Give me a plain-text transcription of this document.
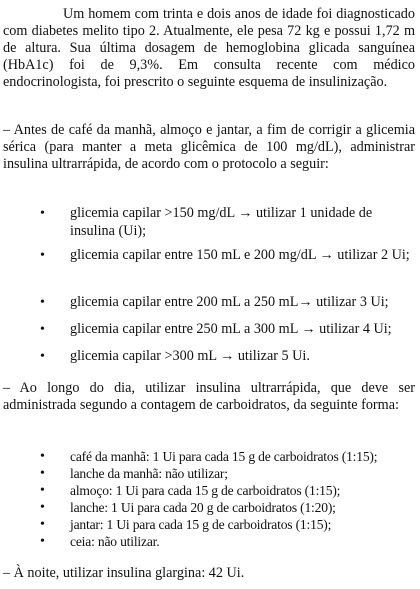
Um homem com trinta e dois anos de idade foi diagnosticado com diabetes melito tipo 2. Atualmente, ele pesa 72 kg e possui 1,72 m de altura. Sua última dosagem de hemoglobina glicada sanguínea (HbA1c) foi de 9,3%. Em consulta recente com médico endocrinologista, foi prescrito o seguinte esquema de insulinização.

– Antes de café da manhã, almoço e jantar, a fim de corrigir a glicemia sérica (para manter a meta glicêmica de 100 mg/dL), administrar insulina ultrarrápida, de acordo com o protocolo a seguir:

• glicemia capilar >150 mg/dL → utilizar 1 unidade de insulina (Ui);
• glicemia capilar entre 150 mL e 200 mg/dL → utilizar 2 Ui;
• glicemia capilar entre 200 mL a 250 mL→ utilizar 3 Ui;
• glicemia capilar entre 250 mL a 300 mL → utilizar 4 Ui;
• glicemia capilar >300 mL → utilizar 5 Ui.

– Ao longo do dia, utilizar insulina ultrarrápida, que deve ser administrada segundo a contagem de carboidratos, da seguinte forma:

• café da manhã: 1 Ui para cada 15 g de carboidratos (1:15);
• lanche da manhã: não utilizar;
• almoço: 1 Ui para cada 15 g de carboidratos (1:15);
• lanche: 1 Ui para cada 20 g de carboidratos (1:20);
• jantar: 1 Ui para cada 15 g de carboidratos (1:15);
• ceia: não utilizar.

– À noite, utilizar insulina glargina: 42 Ui.
